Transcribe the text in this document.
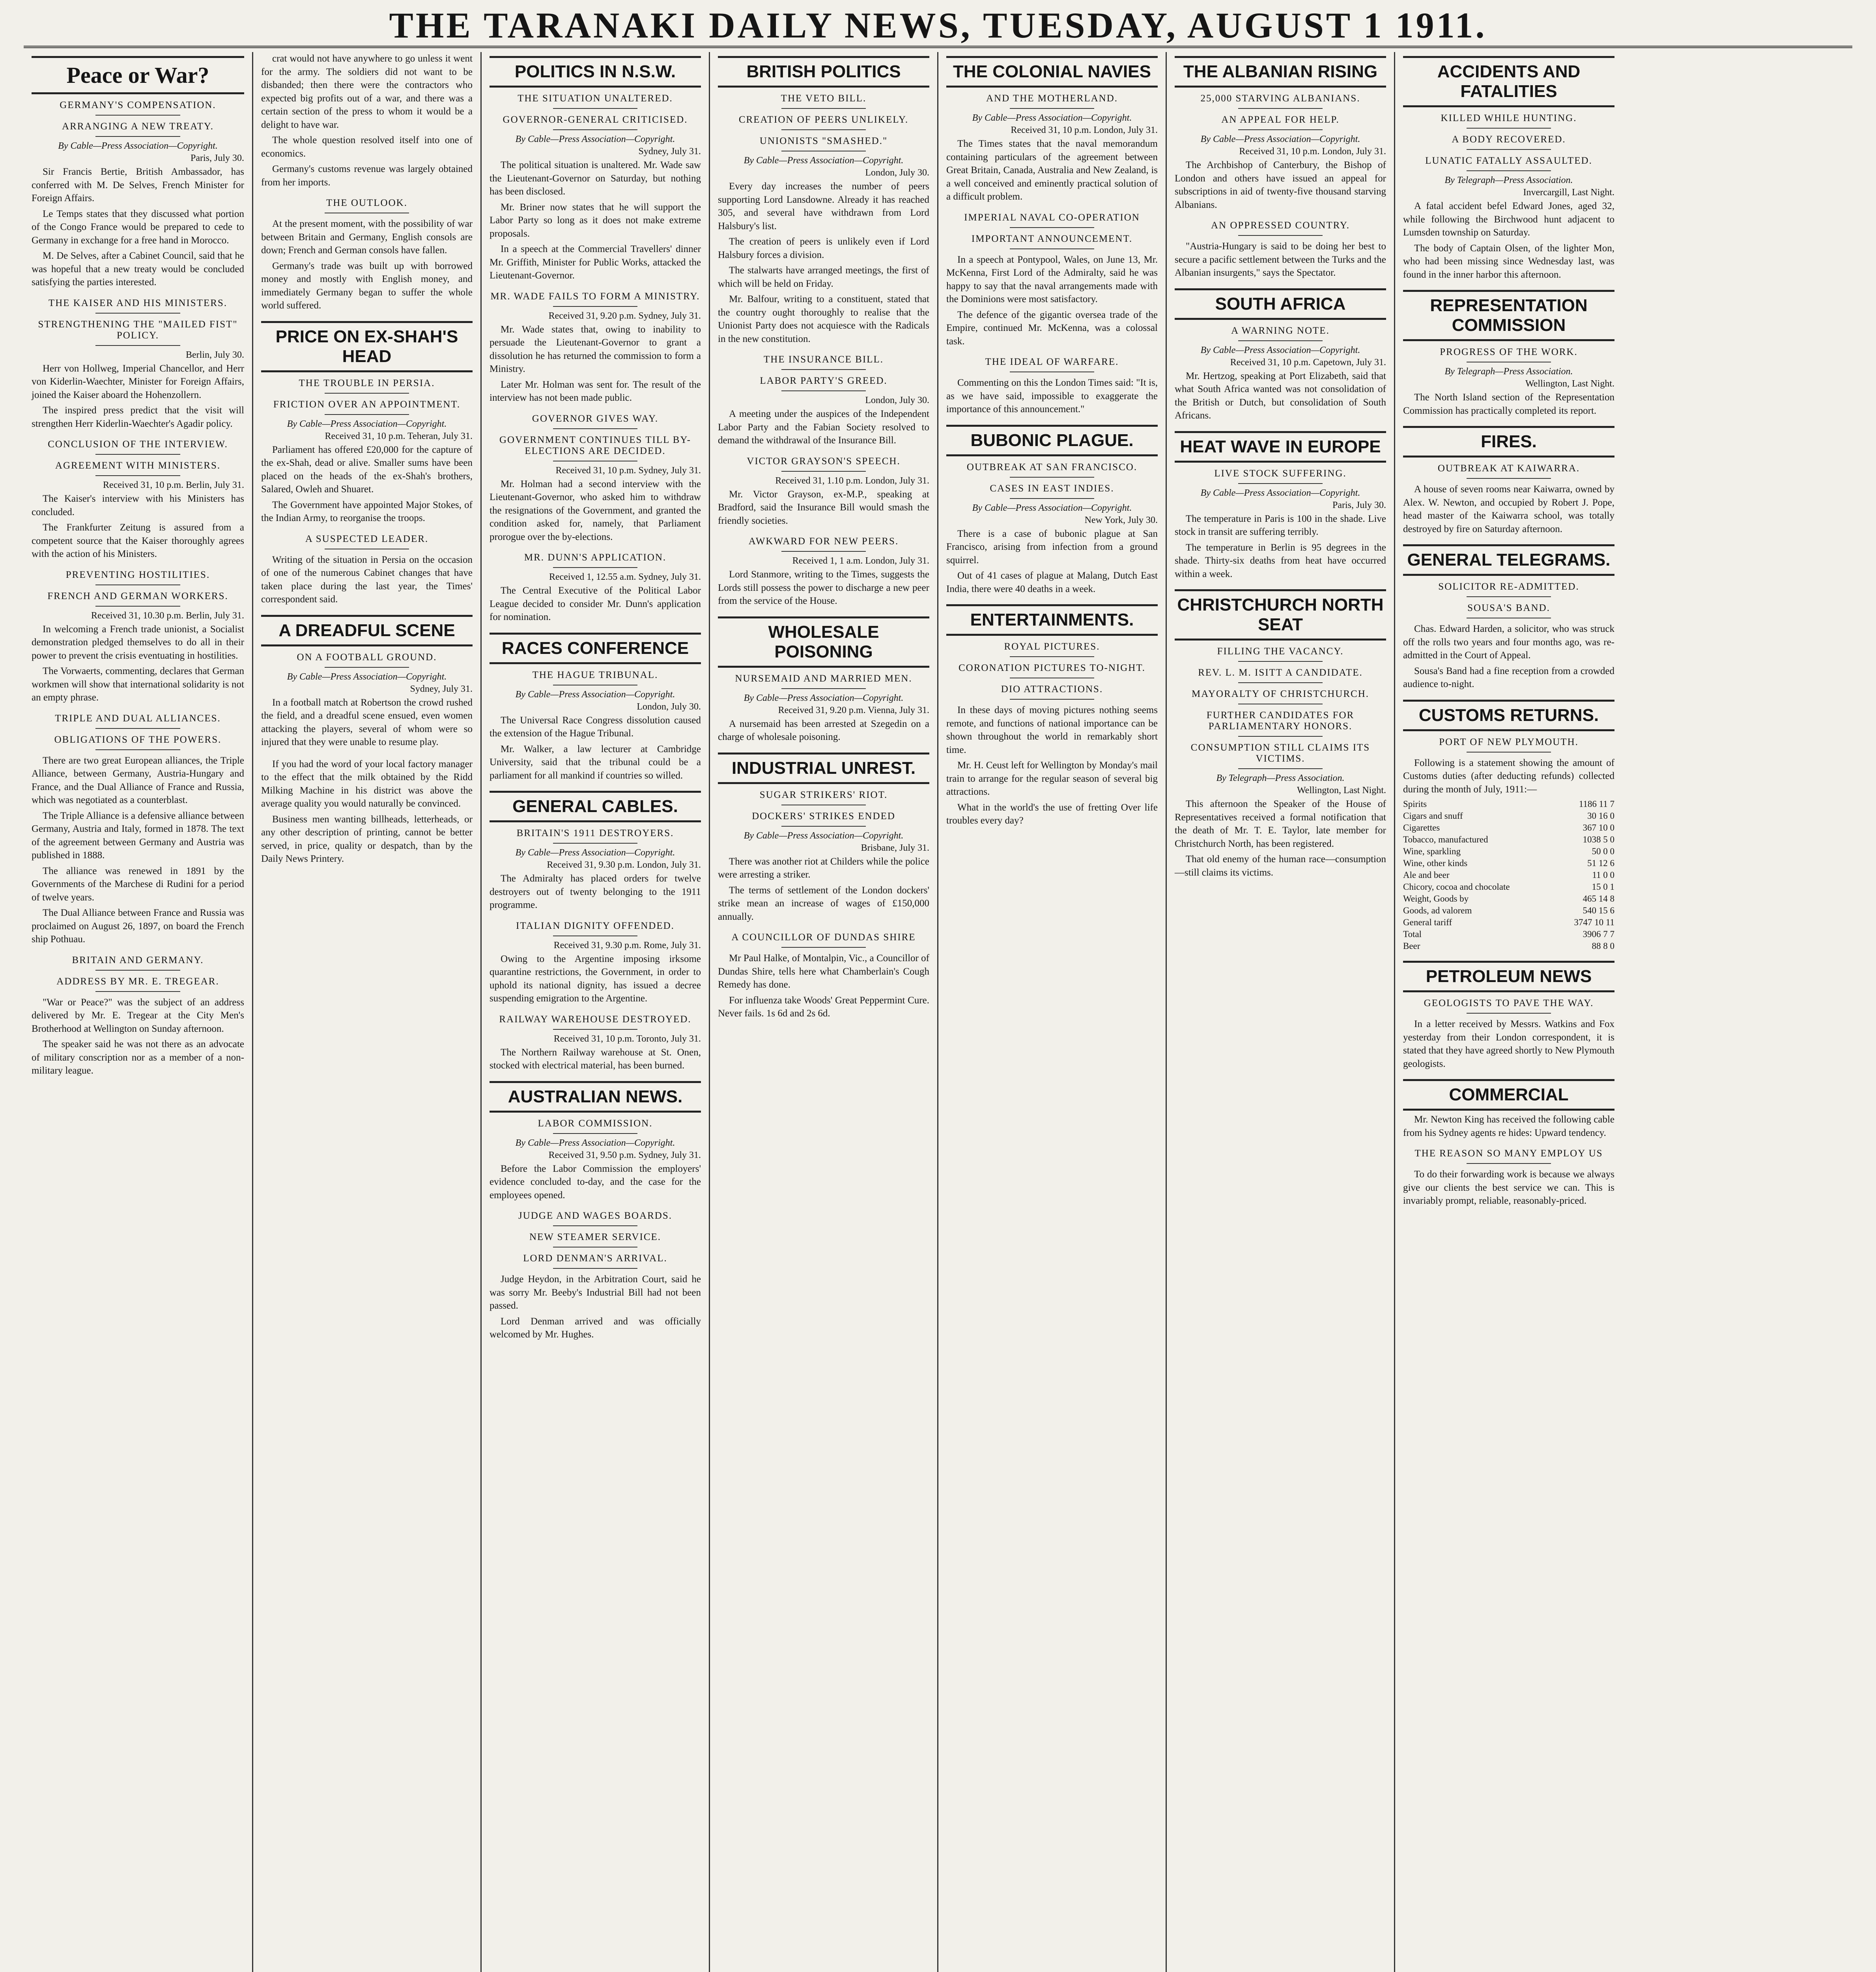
THE TARANAKI DAILY NEWS, TUESDAY, AUGUST 1 1911.
Peace or War?
GERMANY'S COMPENSATION.
ARRANGING A NEW TREATY.
By Cable—Press Association—Copyright.
Paris, July 30.

Sir Francis Bertie, British Ambassador, has conferred with M. De Selves, French Minister for Foreign Affairs.

Le Temps states that they discussed what portion of the Congo France would be prepared to cede to Germany in exchange for a free hand in Morocco.

M. De Selves, after a Cabinet Council, said that he was hopeful that a new treaty would be concluded satisfying the parties interested.

THE KAISER AND HIS MINISTERS.
STRENGTHENING THE "MAILED FIST" POLICY.
Berlin, July 30.

Herr von Hollweg, Imperial Chancellor, and Herr von Kiderlin-Waechter, Minister for Foreign Affairs, joined the Kaiser aboard the Hohenzollern.

The inspired press predict that the visit will strengthen Herr Kiderlin-Waechter's Agadir policy.

CONCLUSION OF THE INTERVIEW.
AGREEMENT WITH MINISTERS.
Received 31, 10 p.m. Berlin, July 31.

The Kaiser's interview with his Ministers has concluded.

The Frankfurter Zeitung is assured from a competent source that the Kaiser thoroughly agrees with the action of his Ministers.

PREVENTING HOSTILITIES.
FRENCH AND GERMAN WORKERS.
Received 31, 10.30 p.m. Berlin, July 31.

In welcoming a French trade unionist, a Socialist demonstration pledged themselves to do all in their power to prevent the crisis eventuating in hostilities.

The Vorwaerts, commenting, declares that German workmen will show that international solidarity is not an empty phrase.

TRIPLE AND DUAL ALLIANCES.
OBLIGATIONS OF THE POWERS.

There are two great European alliances, the Triple Alliance, between Germany, Austria-Hungary and France, and the Dual Alliance of France and Russia, which was negotiated as a counterblast.

The Triple Alliance is a defensive alliance between Germany, Austria and Italy, formed in 1878. The text of the agreement between Germany and Austria was published in 1888.

The alliance was renewed in 1891 by the Governments of the Marchese di Rudini for a period of twelve years.

The Dual Alliance between France and Russia was proclaimed on August 26, 1897, on board the French ship Pothuau.

BRITAIN AND GERMANY.
ADDRESS BY MR. E. TREGEAR.

"War or Peace?" was the subject of an address delivered by Mr. E. Tregear at the City Men's Brotherhood at Wellington on Sunday afternoon.

The speaker said he was not there as an advocate of military conscription nor as a member of a non-military league.

crat would not have anywhere to go unless it went for the army. The soldiers did not want to be disbanded; then there were the contractors who expected big profits out of a war, and there was a certain section of the press to whom it would be a delight to have war.

The whole question resolved itself into one of economics.

Germany's customs revenue was largely obtained from her imports.

THE OUTLOOK.

At the present moment, with the possibility of war between Britain and Germany, English consols are down; French and German consols have fallen.

Germany's trade was built up with borrowed money and mostly with English money, and immediately Germany began to suffer the whole world suffered.

PRICE ON EX-SHAH'S HEAD
THE TROUBLE IN PERSIA.
FRICTION OVER AN APPOINTMENT.
By Cable—Press Association—Copyright.
Received 31, 10 p.m. Teheran, July 31.

Parliament has offered £20,000 for the capture of the ex-Shah, dead or alive. Smaller sums have been placed on the heads of the ex-Shah's brothers, Salared, Owleh and Shuaret.

The Government have appointed Major Stokes, of the Indian Army, to reorganise the troops.

A SUSPECTED LEADER.

Writing of the situation in Persia on the occasion of one of the numerous Cabinet changes that have taken place during the last year, the Times' correspondent said.

A DREADFUL SCENE
ON A FOOTBALL GROUND.
By Cable—Press Association—Copyright.
Sydney, July 31.

In a football match at Robertson the crowd rushed the field, and a dreadful scene ensued, even women attacking the players, several of whom were so injured that they were unable to resume play.

If you had the word of your local factory manager to the effect that the milk obtained by the Ridd Milking Machine in his district was above the average quality you would naturally be convinced.

Business men wanting billheads, letterheads, or any other description of printing, cannot be better served, in price, quality or despatch, than by the Daily News Printery.

POLITICS IN N.S.W.
THE SITUATION UNALTERED.
GOVERNOR-GENERAL CRITICISED.
By Cable—Press Association—Copyright.
Sydney, July 31.

The political situation is unaltered. Mr. Wade saw the Lieutenant-Governor on Saturday, but nothing has been disclosed.

Mr. Briner now states that he will support the Labor Party so long as it does not make extreme proposals.

In a speech at the Commercial Travellers' dinner Mr. Griffith, Minister for Public Works, attacked the Lieutenant-Governor.

MR. WADE FAILS TO FORM A MINISTRY.
Received 31, 9.20 p.m. Sydney, July 31.

Mr. Wade states that, owing to inability to persuade the Lieutenant-Governor to grant a dissolution he has returned the commission to form a Ministry.

Later Mr. Holman was sent for. The result of the interview has not been made public.

GOVERNOR GIVES WAY.
GOVERNMENT CONTINUES TILL BY-ELECTIONS ARE DECIDED.
Received 31, 10 p.m. Sydney, July 31.

Mr. Holman had a second interview with the Lieutenant-Governor, who asked him to withdraw the resignations of the Government, and granted the condition asked for, namely, that Parliament prorogue over the by-elections.

MR. DUNN'S APPLICATION.
Received 1, 12.55 a.m. Sydney, July 31.

The Central Executive of the Political Labor League decided to consider Mr. Dunn's application for nomination.

RACES CONFERENCE
THE HAGUE TRIBUNAL.
By Cable—Press Association—Copyright.
London, July 30.

The Universal Race Congress dissolution caused the extension of the Hague Tribunal.

Mr. Walker, a law lecturer at Cambridge University, said that the tribunal could be a parliament for all mankind if countries so willed.

GENERAL CABLES.
BRITAIN'S 1911 DESTROYERS.
By Cable—Press Association—Copyright.
Received 31, 9.30 p.m. London, July 31.

The Admiralty has placed orders for twelve destroyers out of twenty belonging to the 1911 programme.

ITALIAN DIGNITY OFFENDED.
Received 31, 9.30 p.m. Rome, July 31.

Owing to the Argentine imposing irksome quarantine restrictions, the Government, in order to uphold its national dignity, has issued a decree suspending emigration to the Argentine.

RAILWAY WAREHOUSE DESTROYED.
Received 31, 10 p.m. Toronto, July 31.

The Northern Railway warehouse at St. Onen, stocked with electrical material, has been burned.

AUSTRALIAN NEWS.
LABOR COMMISSION.
By Cable—Press Association—Copyright.
Received 31, 9.50 p.m. Sydney, July 31.

Before the Labor Commission the employers' evidence concluded to-day, and the case for the employees opened.

JUDGE AND WAGES BOARDS.
NEW STEAMER SERVICE.
LORD DENMAN'S ARRIVAL.

Judge Heydon, in the Arbitration Court, said he was sorry Mr. Beeby's Industrial Bill had not been passed.

Lord Denman arrived and was officially welcomed by Mr. Hughes.

BRITISH POLITICS
THE VETO BILL.
CREATION OF PEERS UNLIKELY.
UNIONISTS "SMASHED."
By Cable—Press Association—Copyright.
London, July 30.

Every day increases the number of peers supporting Lord Lansdowne. Already it has reached 305, and several have withdrawn from Lord Halsbury's list.

The creation of peers is unlikely even if Lord Halsbury forces a division.

The stalwarts have arranged meetings, the first of which will be held on Friday.

Mr. Balfour, writing to a constituent, stated that the country ought thoroughly to realise that the Unionist Party does not acquiesce with the Radicals in the new constitution.

THE INSURANCE BILL.
LABOR PARTY'S GREED.
London, July 30.

A meeting under the auspices of the Independent Labor Party and the Fabian Society resolved to demand the withdrawal of the Insurance Bill.

VICTOR GRAYSON'S SPEECH.
Received 31, 1.10 p.m. London, July 31.

Mr. Victor Grayson, ex-M.P., speaking at Bradford, said the Insurance Bill would smash the friendly societies.

AWKWARD FOR NEW PEERS.
Received 1, 1 a.m. London, July 31.

Lord Stanmore, writing to the Times, suggests the Lords still possess the power to discharge a new peer from the service of the House.

WHOLESALE POISONING
NURSEMAID AND MARRIED MEN.
By Cable—Press Association—Copyright.
Received 31, 9.20 p.m. Vienna, July 31.

A nursemaid has been arrested at Szegedin on a charge of wholesale poisoning.

INDUSTRIAL UNREST.
SUGAR STRIKERS' RIOT.
DOCKERS' STRIKES ENDED
By Cable—Press Association—Copyright.
Brisbane, July 31.

There was another riot at Childers while the police were arresting a striker.

The terms of settlement of the London dockers' strike mean an increase of wages of £150,000 annually.

A COUNCILLOR OF DUNDAS SHIRE

Mr Paul Halke, of Montalpin, Vic., a Councillor of Dundas Shire, tells here what Chamberlain's Cough Remedy has done.

For influenza take Woods' Great Peppermint Cure. Never fails. 1s 6d and 2s 6d.

THE COLONIAL NAVIES
AND THE MOTHERLAND.
By Cable—Press Association—Copyright.
Received 31, 10 p.m. London, July 31.

The Times states that the naval memorandum containing particulars of the agreement between Great Britain, Canada, Australia and New Zealand, is a well conceived and eminently practical solution of a difficult problem.

IMPERIAL NAVAL CO-OPERATION
IMPORTANT ANNOUNCEMENT.

In a speech at Pontypool, Wales, on June 13, Mr. McKenna, First Lord of the Admiralty, said he was happy to say that the naval arrangements made with the Dominions were most satisfactory.

The defence of the gigantic oversea trade of the Empire, continued Mr. McKenna, was a colossal task.

THE IDEAL OF WARFARE.

Commenting on this the London Times said: "It is, as we have said, impossible to exaggerate the importance of this announcement."

BUBONIC PLAGUE.
OUTBREAK AT SAN FRANCISCO.
CASES IN EAST INDIES.
By Cable—Press Association—Copyright.
New York, July 30.

There is a case of bubonic plague at San Francisco, arising from infection from a ground squirrel.

Out of 41 cases of plague at Malang, Dutch East India, there were 40 deaths in a week.

ENTERTAINMENTS.
ROYAL PICTURES.
CORONATION PICTURES TO-NIGHT.
DIO ATTRACTIONS.

In these days of moving pictures nothing seems remote, and functions of national importance can be shown throughout the world in remarkably short time.

Mr. H. Ceust left for Wellington by Monday's mail train to arrange for the regular season of several big attractions.

What in the world's the use of fretting Over life troubles every day?

THE ALBANIAN RISING
25,000 STARVING ALBANIANS.
AN APPEAL FOR HELP.
By Cable—Press Association—Copyright.
Received 31, 10 p.m. London, July 31.

The Archbishop of Canterbury, the Bishop of London and others have issued an appeal for subscriptions in aid of twenty-five thousand starving Albanians.

AN OPPRESSED COUNTRY.

"Austria-Hungary is said to be doing her best to secure a pacific settlement between the Turks and the Albanian insurgents," says the Spectator.

SOUTH AFRICA
A WARNING NOTE.
By Cable—Press Association—Copyright.
Received 31, 10 p.m. Capetown, July 31.

Mr. Hertzog, speaking at Port Elizabeth, said that what South Africa wanted was not consolidation of the British or Dutch, but consolidation of South Africans.

HEAT WAVE IN EUROPE
LIVE STOCK SUFFERING.
By Cable—Press Association—Copyright.
Paris, July 30.

The temperature in Paris is 100 in the shade. Live stock in transit are suffering terribly.

The temperature in Berlin is 95 degrees in the shade. Thirty-six deaths from heat have occurred within a week.

CHRISTCHURCH NORTH SEAT
FILLING THE VACANCY.
REV. L. M. ISITT A CANDIDATE.
MAYORALTY OF CHRISTCHURCH.
FURTHER CANDIDATES FOR PARLIAMENTARY HONORS.
CONSUMPTION STILL CLAIMS ITS VICTIMS.
By Telegraph—Press Association.
Wellington, Last Night.

This afternoon the Speaker of the House of Representatives received a formal notification that the death of Mr. T. E. Taylor, late member for Christchurch North, has been registered.

That old enemy of the human race—consumption—still claims its victims.

ACCIDENTS AND FATALITIES
KILLED WHILE HUNTING.
A BODY RECOVERED.
LUNATIC FATALLY ASSAULTED.
By Telegraph—Press Association.
Invercargill, Last Night.

A fatal accident befel Edward Jones, aged 32, while following the Birchwood hunt adjacent to Lumsden township on Saturday.

The body of Captain Olsen, of the lighter Mon, who had been missing since Wednesday last, was found in the inner harbor this afternoon.

REPRESENTATION COMMISSION
PROGRESS OF THE WORK.
By Telegraph—Press Association.
Wellington, Last Night.

The North Island section of the Representation Commission has practically completed its report.

FIRES.
OUTBREAK AT KAIWARRA.

A house of seven rooms near Kaiwarra, owned by Alex. W. Newton, and occupied by Robert J. Pope, head master of the Kaiwarra school, was totally destroyed by fire on Saturday afternoon.

GENERAL TELEGRAMS.
SOLICITOR RE-ADMITTED.
SOUSA'S BAND.

Chas. Edward Harden, a solicitor, who was struck off the rolls two years and four months ago, was re-admitted in the Court of Appeal.

Sousa's Band had a fine reception from a crowded audience to-night.

CUSTOMS RETURNS.
PORT OF NEW PLYMOUTH.

Following is a statement showing the amount of Customs duties (after deducting refunds) collected during the month of July, 1911:—

Spirits	1186 11 7
Cigars and snuff	30 16 0
Cigarettes	367 10 0
Tobacco, manufactured	1038 5 0
Wine, sparkling	50 0 0
Wine, other kinds	51 12 6
Ale and beer	11 0 0
Chicory, cocoa and chocolate	15 0 1
Weight, Goods by	465 14 8
Goods, ad valorem	540 15 6
General tariff	3747 10 11
Total	3906 7 7
Beer	88 8 0
PETROLEUM NEWS
GEOLOGISTS TO PAVE THE WAY.

In a letter received by Messrs. Watkins and Fox yesterday from their London correspondent, it is stated that they have agreed shortly to New Plymouth geologists.

COMMERCIAL

Mr. Newton King has received the following cable from his Sydney agents re hides: Upward tendency.

THE REASON SO MANY EMPLOY US

To do their forwarding work is because we always give our clients the best service we can. This is invariably prompt, reliable, reasonably-priced.
